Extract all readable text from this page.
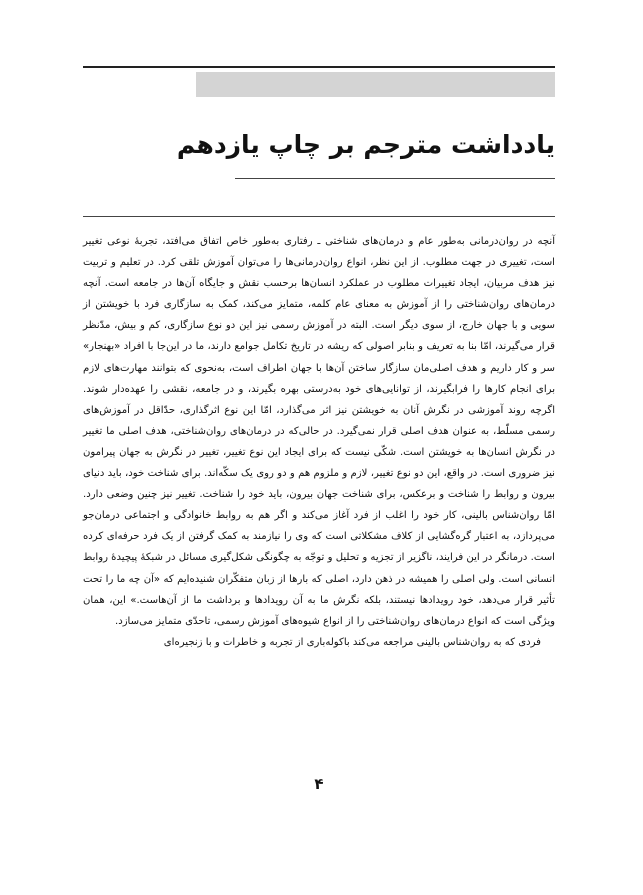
یادداشت مترجم بر چاپ یازدهم

آنچه در روان‌درمانی به‌طور عام و درمان‌های شناختی ـ رفتاری به‌طور خاص اتفاق می‌افتد، تجربهٔ نوعی تغییر است، تغییری در جهت مطلوب. از این نظر، انواع روان‌درمانی‌ها را می‌توان آموزش تلقی کرد. در تعلیم و تربیت نیز هدف مربیان، ایجاد تغییرات مطلوب در عملکرد انسان‌ها برحسب نقش و جایگاه آن‌ها در جامعه است. آنچه درمان‌های روان‌شناختی را از آموزش به معنای عام کلمه، متمایز می‌کند، کمک به سازگاری فرد با خویشتن از سویی و با جهان خارج، از سوی دیگر است. البته در آموزش رسمی نیز این دو نوع سازگاری، کم و بیش، مدّنظر قرار می‌گیرند، امّا بنا به تعریف و بنابر اصولی که ریشه در تاریخ تکامل جوامع دارند، ما در این‌جا با افراد «بهنجار» سر و کار داریم و هدف اصلی‌مان سازگار ساختن آن‌ها با جهان اطراف است، به‌نحوی که بتوانند مهارت‌های لازم برای انجام کارها را فرابگیرند، از توانایی‌های خود به‌درستی بهره بگیرند، و در جامعه، نقشی را عهده‌دار شوند. اگرچه روند آموزشی در نگرش آنان به خویشتن نیز اثر می‌گذارد، امّا این نوع اثرگذاری، حدّاقل در آموزش‌های رسمی مسلّط، به عنوان هدف اصلی قرار نمی‌گیرد. در حالی‌که در درمان‌های روان‌شناختی، هدف اصلی ما تغییر در نگرش انسان‌ها به خویشتن است. شکّی نیست که برای ایجاد این نوع تغییر، تغییر در نگرش به جهان پیرامون نیز ضروری است. در واقع، این دو نوع تغییر، لازم و ملزوم هم و دو روی یک سکّه‌اند. برای شناخت خود، باید دنیای بیرون و روابط را شناخت و برعکس، برای شناخت جهان بیرون، باید خود را شناخت. تغییر نیز چنین وضعی دارد. امّا روان‌شناس بالینی، کار خود را اغلب از فرد آغاز می‌کند و اگر هم به روابط خانوادگی و اجتماعی درمان‌جو می‌پردازد، به اعتبار گره‌گشایی از کلاف مشکلاتی است که وی را نیازمند به کمک گرفتن از یک فرد حرفه‌ای کرده است. درمانگر در این فرایند، ناگزیر از تجزیه و تحلیل و توجّه به چگونگی شکل‌گیری مسائل در شبکهٔ پیچیدهٔ روابط انسانی است. ولی اصلی را همیشه در ذهن دارد، اصلی که بارها از زبان متفکّران شنیده‌ایم که «آن چه ما را تحت تأثیر قرار می‌دهد، خود رویدادها نیستند، بلکه نگرش ما به آن رویدادها و برداشت ما از آن‌هاست.» این، همان ویژگی است که انواع درمان‌های روان‌شناختی را از انواع شیوه‌های آموزش رسمی، تاحدّی متمایز می‌سازد.

فردی که به روان‌شناس بالینی مراجعه می‌کند باکوله‌باری از تجربه و خاطرات و با زنجیره‌ای

۴
